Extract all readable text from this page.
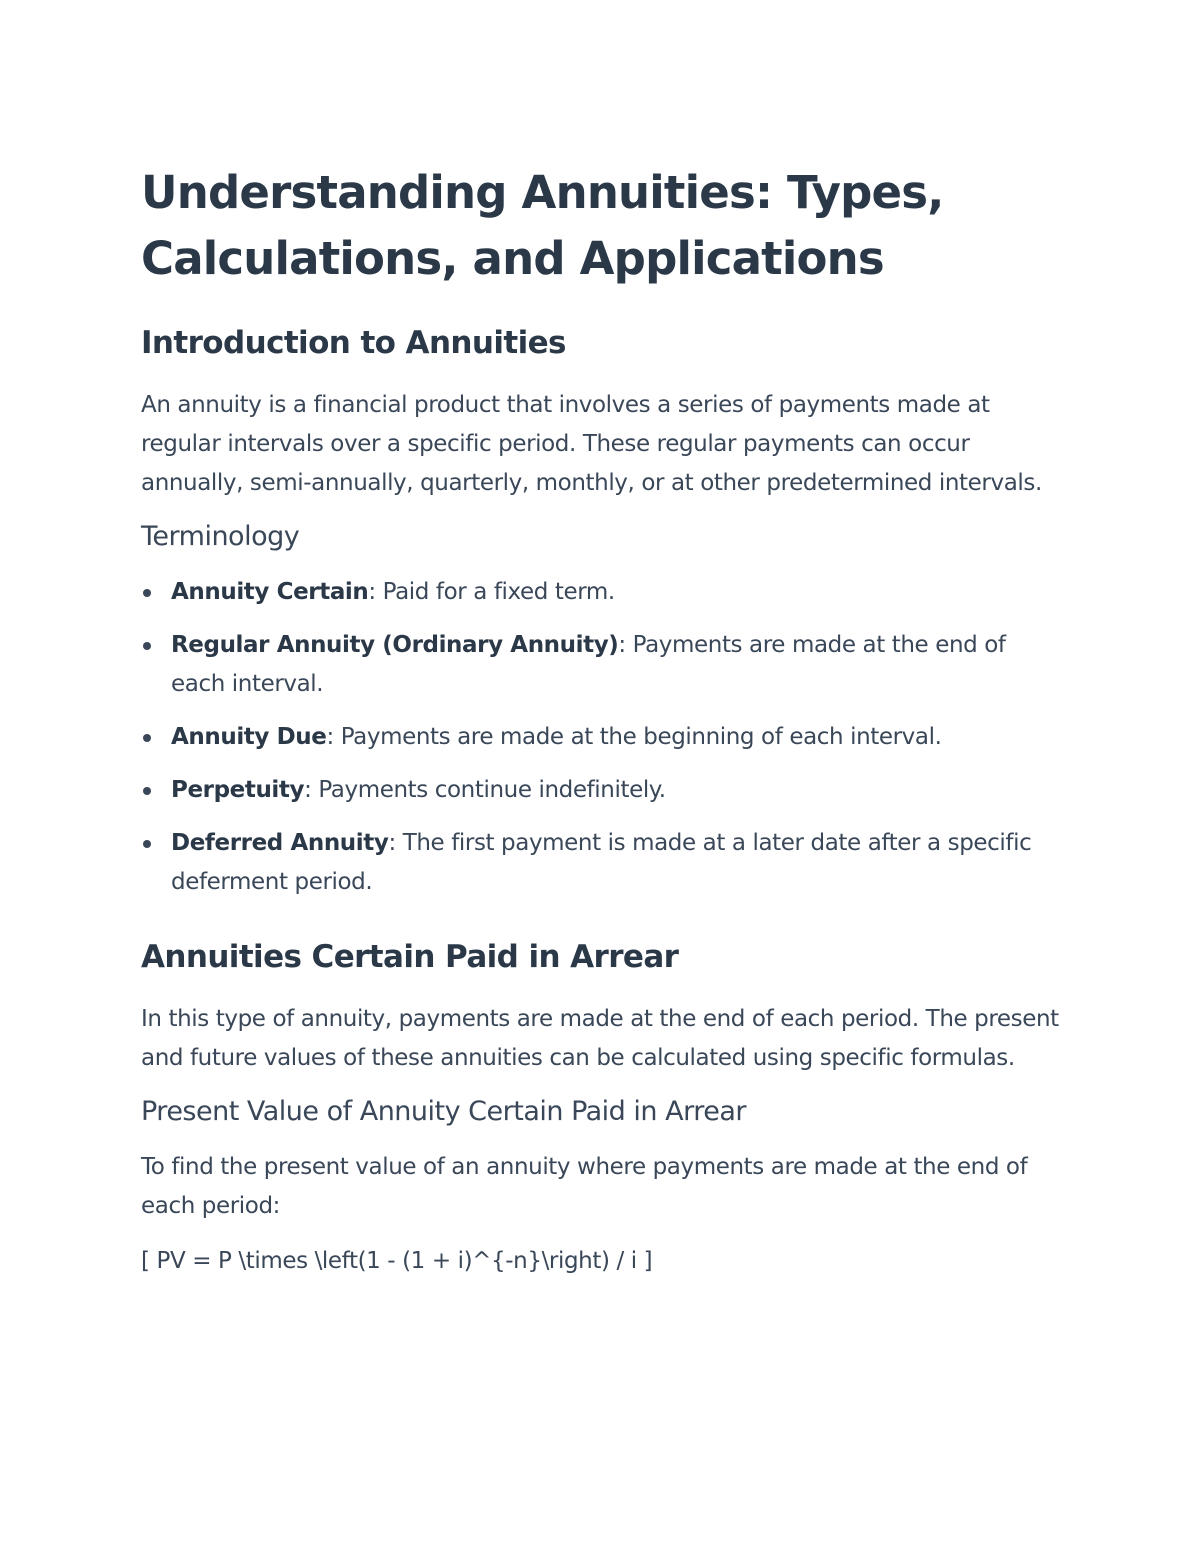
Understanding Annuities: Types, Calculations, and Applications
Introduction to Annuities

An annuity is a financial product that involves a series of payments made at regular intervals over a specific period. These regular payments can occur annually, semi-annually, quarterly, monthly, or at other predetermined intervals.

Terminology
Annuity Certain: Paid for a fixed term.
Regular Annuity (Ordinary Annuity): Payments are made at the end of each interval.
Annuity Due: Payments are made at the beginning of each interval.
Perpetuity: Payments continue indefinitely.
Deferred Annuity: The first payment is made at a later date after a specific deferment period.
Annuities Certain Paid in Arrear

In this type of annuity, payments are made at the end of each period. The present and future values of these annuities can be calculated using specific formulas.

Present Value of Annuity Certain Paid in Arrear

To find the present value of an annuity where payments are made at the end of each period:

[ PV = P \times \left(1 - (1 + i)^{-n}\right) / i ]
